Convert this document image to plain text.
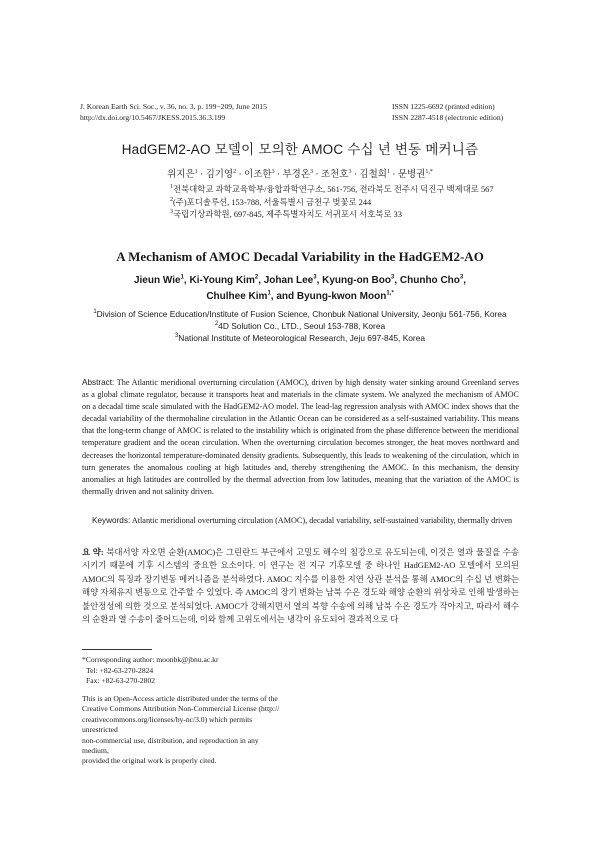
J. Korean Earth Sci. Soc., v. 36, no. 3, p. 199−209, June 2015
http://dx.doi.org/10.5467/JKESS.2015.36.3.199
ISSN 1225-6692 (printed edition)
ISSN 2287-4518 (electronic edition)
HadGEM2-AO 모델이 모의한 AMOC 수십 년 변동 메커니즘
위지은$^1$ · 김기영$^2$ · 이조한$^3$ · 부경온$^3$ · 조천호$^3$ · 김철희$^1$ · 문병권$^{1,*}$
$^1$전북대학교 과학교육학부/융합과학연구소, 561-756, 전라북도 전주시 덕진구 백제대로 567
$^2$(주)포디솔루션, 153-788, 서울특별시 금천구 벚꽃로 244
$^3$국립기상과학원, 697-845, 제주특별자치도 서귀포시 서호북로 33
A Mechanism of AMOC Decadal Variability in the HadGEM2-AO
Jieun Wie$^1$, Ki-Young Kim$^2$, Johan Lee$^3$, Kyung-on Boo$^3$, Chunho Cho$^3$,
Chulhee Kim$^1$, and Byung-kwon Moon$^{1,*}$
$^1$Division of Science Education/Institute of Fusion Science, Chonbuk National University, Jeonju 561-756, Korea
$^2$4D Solution Co., LTD., Seoul 153-788, Korea
$^3$National Institute of Meteorological Research, Jeju 697-845, Korea
Abstract: The Atlantic meridional overturning circulation (AMOC), driven by high density water sinking around Greenland serves as a global climate regulator, because it transports heat and materials in the climate system. We analyzed the mechanism of AMOC on a decadal time scale simulated with the HadGEM2-AO model. The lead-lag regression analysis with AMOC index shows that the decadal variability of the thermohaline circulation in the Atlantic Ocean can be considered as a self-sustained variability. This means that the long-term change of AMOC is related to the instability which is originated from the phase difference between the meridional temperature gradient and the ocean circulation. When the overturning circulation becomes stronger, the heat moves northward and decreases the horizontal temperature-dominated density gradients. Subsequently, this leads to weakening of the circulation, which in turn generates the anomalous cooling at high latitudes and, thereby strengthening the AMOC. In this mechanism, the density anomalies at high latitudes are controlled by the thermal advection from low latitudes, meaning that the variation of the AMOC is thermally driven and not salinity driven.
Keywords: Atlantic meridional overturning circulation (AMOC), decadal variability, self-sustained variability, thermally driven
요 약: 북대서양 자오면 순환(AMOC)은 그린란드 부근에서 고밀도 해수의 침강으로 유도되는데, 이것은 열과 물질을 수송시키기 때문에 기후 시스템의 중요한 요소이다. 이 연구는 전 지구 기후모델 중 하나인 HadGEM2-AO 모델에서 모의된 AMOC의 특징과 장기변동 메커니즘을 분석하였다. AMOC 지수를 이용한 지연 상관 분석을 통해 AMOC의 수십 년 변화는 해양 자체유지 변동으로 간주할 수 있었다. 즉 AMOC의 장기 변화는 남북 수온 경도와 해양 순환의 위상차로 인해 발생하는 불안정성에 의한 것으로 분석되었다. AMOC가 강해지면서 열의 북향 수송에 의해 남북 수온 경도가 작아지고, 따라서 해수의 순환과 열 수송이 줄어드는데, 이와 함께 고위도에서는 냉각이 유도되어 결과적으로 다
*Corresponding author: moonbk@jbnu.ac.kr
Tel: +82-63-270-2824
Fax: +82-63-270-2802
This is an Open-Access article distributed under the terms of the
Creative Commons Attribution Non-Commercial License (http://
creativecommons.org/licenses/by-nc/3.0) which permits unrestricted
non-commercial use, distribution, and reproduction in any medium,
provided the original work is properly cited.
